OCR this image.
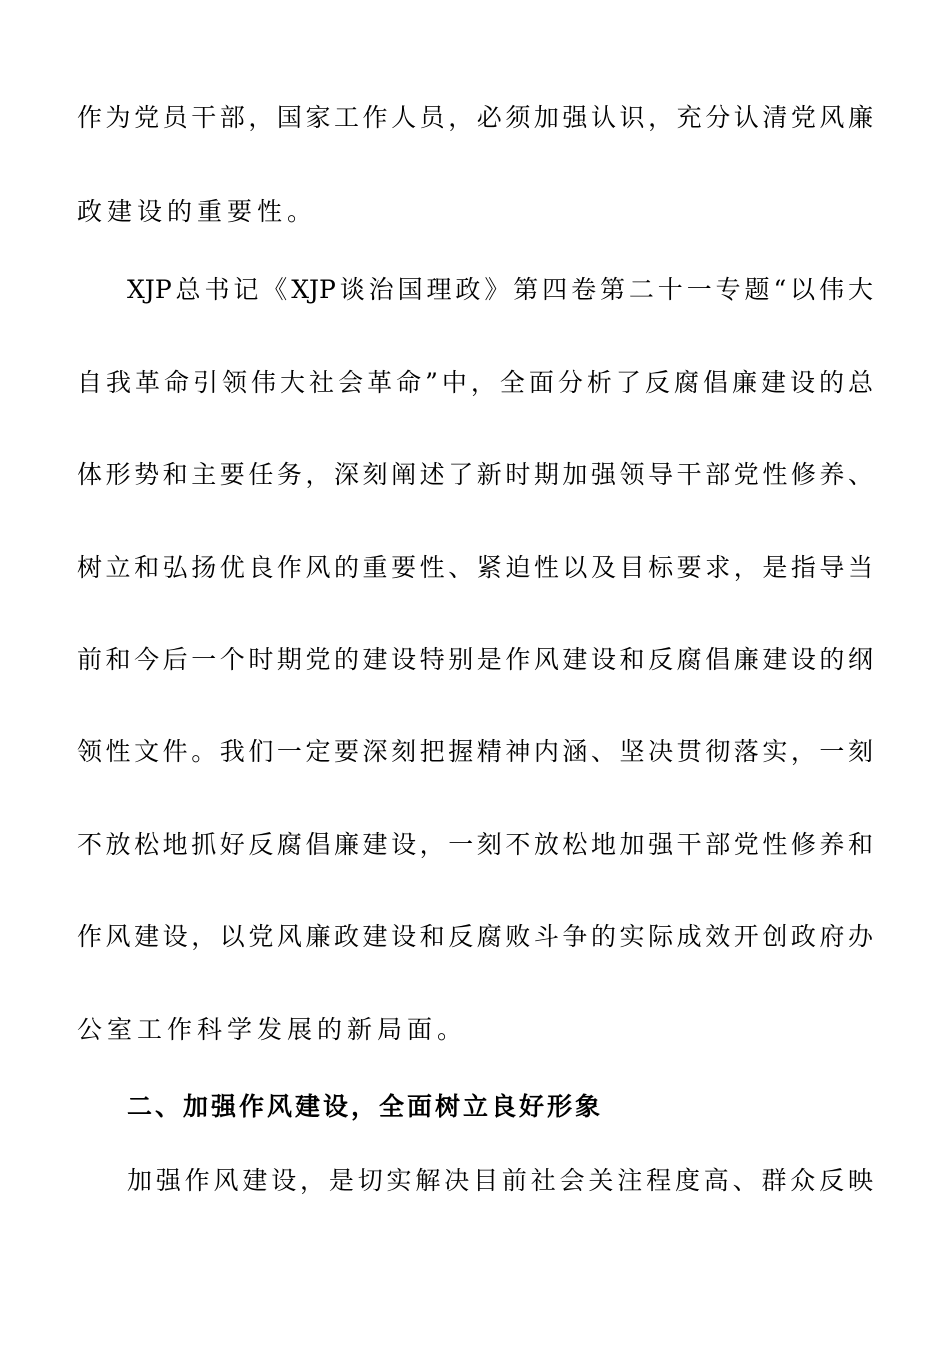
作为党员干部，国家工作人员，必须加强认识，充分认清党风廉
政建设的重要性。
XJP总书记《XJP谈治国理政》第四卷第二十一专题“以伟大
自我革命引领伟大社会革命”中，全面分析了反腐倡廉建设的总
体形势和主要任务，深刻阐述了新时期加强领导干部党性修养、
树立和弘扬优良作风的重要性、紧迫性以及目标要求，是指导当
前和今后一个时期党的建设特别是作风建设和反腐倡廉建设的纲
领性文件。我们一定要深刻把握精神内涵、坚决贯彻落实，一刻
不放松地抓好反腐倡廉建设，一刻不放松地加强干部党性修养和
作风建设，以党风廉政建设和反腐败斗争的实际成效开创政府办
公室工作科学发展的新局面。
二、加强作风建设，全面树立良好形象
加强作风建设，是切实解决目前社会关注程度高、群众反映
